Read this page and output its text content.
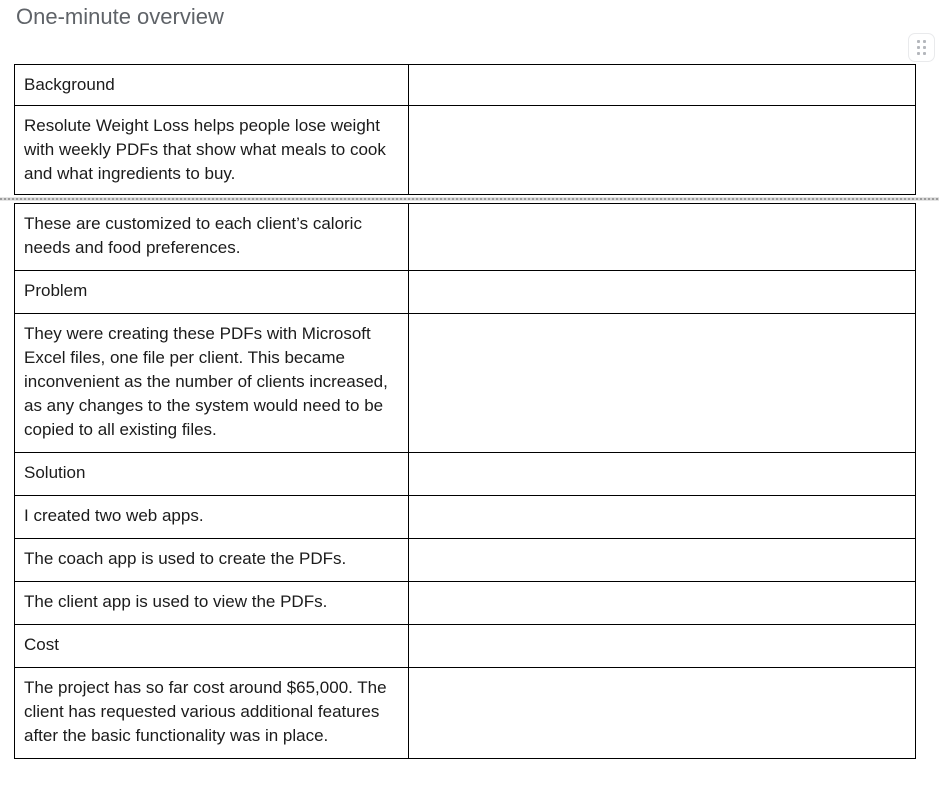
One-minute overview
Background	
Resolute Weight Loss helps people lose weight with weekly PDFs that show what meals to cook and what ingredients to buy.	
These are customized to each client’s caloric needs and food preferences.	
Problem	
They were creating these PDFs with Microsoft Excel files, one file per client. This became inconvenient as the number of clients increased, as any changes to the system would need to be copied to all existing files.	
Solution	
I created two web apps.	
The coach app is used to create the PDFs.	
The client app is used to view the PDFs.	
Cost	
The project has so far cost around $65,000. The client has requested various additional features after the basic functionality was in place.	
